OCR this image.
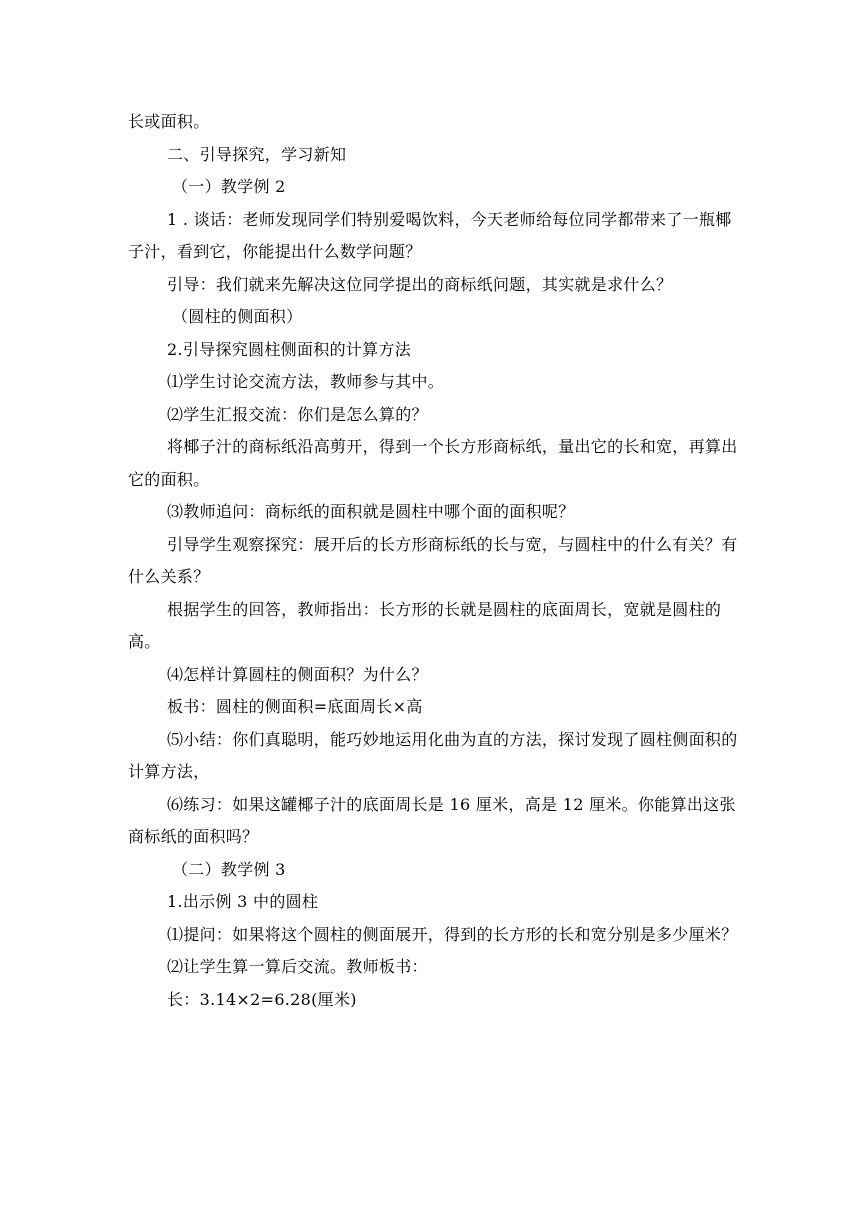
长或面积。

二、引导探究，学习新知

（一）教学例 2

1 . 谈话：老师发现同学们特别爱喝饮料，今天老师给每位同学都带来了一瓶椰子汁，看到它，你能提出什么数学问题？

引导：我们就来先解决这位同学提出的商标纸问题，其实就是求什么？

（圆柱的侧面积）

2.引导探究圆柱侧面积的计算方法

⑴学生讨论交流方法，教师参与其中。

⑵学生汇报交流：你们是怎么算的？

将椰子汁的商标纸沿高剪开，得到一个长方形商标纸，量出它的长和宽，再算出它的面积。

⑶教师追问：商标纸的面积就是圆柱中哪个面的面积呢？

引导学生观察探究：展开后的长方形商标纸的长与宽，与圆柱中的什么有关？有什么关系？

根据学生的回答，教师指出：长方形的长就是圆柱的底面周长，宽就是圆柱的高。

⑷怎样计算圆柱的侧面积？为什么？

板书：圆柱的侧面积=底面周长×高

⑸小结：你们真聪明，能巧妙地运用化曲为直的方法，探讨发现了圆柱侧面积的计算方法，

⑹练习：如果这罐椰子汁的底面周长是 16 厘米，高是 12 厘米。你能算出这张商标纸的面积吗？

（二）教学例 3

1.出示例 3 中的圆柱

⑴提问：如果将这个圆柱的侧面展开，得到的长方形的长和宽分别是多少厘米？

⑵让学生算一算后交流。教师板书：

长：3.14×2=6.28(厘米)
